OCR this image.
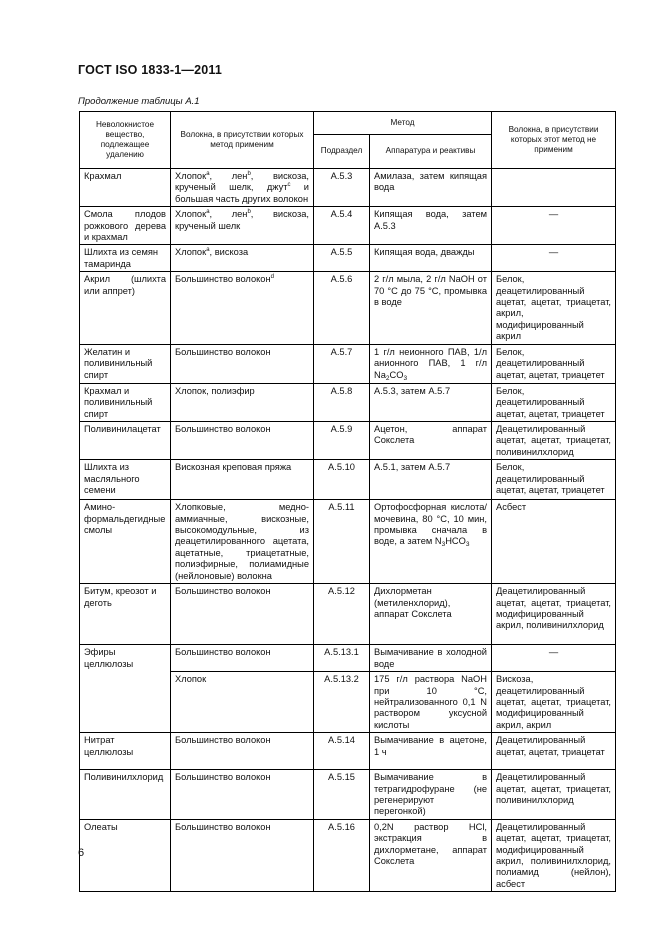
ГОСТ ISO 1833-1—2011
Продолжение таблицы А.1
Неволокнистое вещество, подлежащее удалению	Волокна, в присутствии которых метод применим	Метод		Волокна, в присутствии которых этот метод не применим
		Подраздел	Аппаратура и реактивы	
Крахмал	Хлопок$^a$, лен$^b$, вискоза, крученый шелк, джут$^c$ и большая часть других волокон	А.5.3	Амилаза, затем кипящая вода	
Смола плодов рожкового дерева и крахмал	Хлопок$^a$, лен$^b$, вискоза, крученый шелк	А.5.4	Кипящая вода, затем А.5.3	—
Шлихта из семян тамаринда	Хлопок$^a$, вискоза	А.5.5	Кипящая вода, дважды	—
Акрил (шлихта или аппрет)	Большинство волокон$^d$	А.5.6	2 г/л мыла, 2 г/л NaOH от 70 °С до 75 °С, промывка в воде	Белок, деацетилированный ацетат, ацетат, триацетат, акрил, модифицированный акрил
Желатин и поливинильный спирт	Большинство волокон	А.5.7	1 г/л неионного ПАВ, 1/л анионного ПАВ, 1 г/л $Na_2CO_3$	Белок, деацетилированный ацетат, ацетат, триацетет
Крахмал и поливинильный спирт	Хлопок, полиэфир	А.5.8	А.5.3, затем А.5.7	Белок, деацетилированный ацетат, ацетат, триацетет
Поливинилацетат	Большинство волокон	А.5.9	Ацетон, аппарат Сокслета	Деацетилированный ацетат, ацетат, триацетат, поливинилхлорид
Шлихта из масляльного семени	Вискозная креповая пряжа	А.5.10	А.5.1, затем А.5.7	Белок, деацетилированный ацетат, ацетат, триацетет
Амино-формальдегидные смолы	Хлопковые, медно-аммиачные, вискозные, высокомодульные, из деацетилированного ацетата, ацетатные, триацетатные, полиэфирные, полиамидные (нейлоновые) волокна	А.5.11	Ортофосфорная кислота/мочевина, 80 °С, 10 мин, промывка сначала в воде, а затем $N_3HCO_3$	Асбест
Битум, креозот и деготь	Большинство волокон	А.5.12	Дихлорметан (метиленхлорид), аппарат Сокслета	Деацетилированный ацетат, ацетат, триацетат, модифицированный акрил, поливинилхлорид
Эфиры целлюлозы	Большинство волокон	А.5.13.1	Вымачивание в холодной воде	—
	Хлопок	А.5.13.2	175 г/л раствора NaOH при 10 °С, нейтрализованного 0,1 N раствором уксусной кислоты	Вискоза, деацетилированный ацетат, ацетат, триацетат, модифицированный акрил, акрил
Нитрат целлюлозы	Большинство волокон	А.5.14	Вымачивание в ацетоне, 1 ч	Деацетилированный ацетат, ацетат, триацетат
Поливинилхлорид	Большинство волокон	А.5.15	Вымачивание в тетрагидрофуране (не регенерируют перегонкой)	Деацетилированный ацетат, ацетат, триацетат, поливинилхлорид
Олеаты	Большинство волокон	А.5.16	0,2N раствор HCl, экстракция в дихлорметане, аппарат Сокслета	Деацетилированный ацетат, ацетат, триацетат, модифицированный акрил, поливинилхлорид, полиамид (нейлон), асбест
6
